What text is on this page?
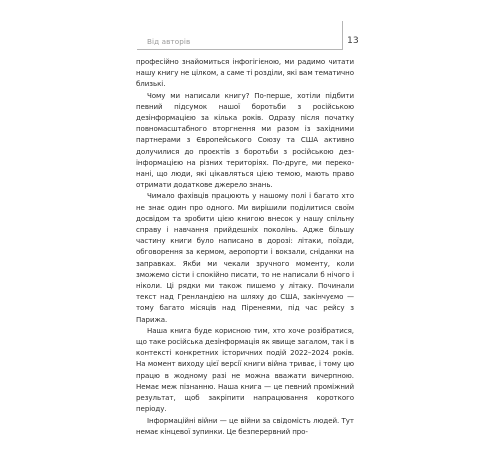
Від авторів	13

професійно знайомиться інфогігієною, ми радимо читати нашу книгу не цілком, а саме ті розділи, які вам тематично близькі.

Чому ми написали книгу? По-перше, хотіли підбити певний підсумок нашої боротьби з російською дезінформацією за кілька років. Одразу після початку повномасштабного вторгнення ми разом із західними партнерами з Європейського Союзу та США активно долучилися до проєктів з боротьби з російською дезінформацією на різних територіях. По-друге, ми переконані, що люди, які цікавляться цією темою, мають право отримати додаткове джерело знань.

Чимало фахівців працюють у нашому полі і багато хто не знає один про одного. Ми вирішили поділитися своїм досвідом та зробити цією книгою внесок у нашу спільну справу і навчання прийдешніх поколінь. Адже більшу частину книги було написано в дорозі: літаки, поїзди, обговорення за кермом, аеропорти і вокзали, сніданки на заправках. Якби ми чекали зручного моменту, коли зможемо сісти і спокійно писати, то не написали б нічого і ніколи. Ці рядки ми також пишемо у літаку. Починали текст над Гренландією на шляху до США, закінчуємо — тому багато місяців над Піренеями, під час рейсу з Парижа.

Наша книга буде корисною тим, хто хоче розібратися, що таке російська дезінформація як явище загалом, так і в контексті конкретних історичних подій 2022–2024 років. На момент виходу цієї версії книги війна триває, і тому цю працю в жодному разі не можна вважати вичерпною. Немає меж пізнанню. Наша книга — це певний проміжний результат, щоб закріпити напрацювання короткого періоду.

Інформаційні війни — це війни за свідомість людей. Тут немає кінцевої зупинки. Це безперервний про-
